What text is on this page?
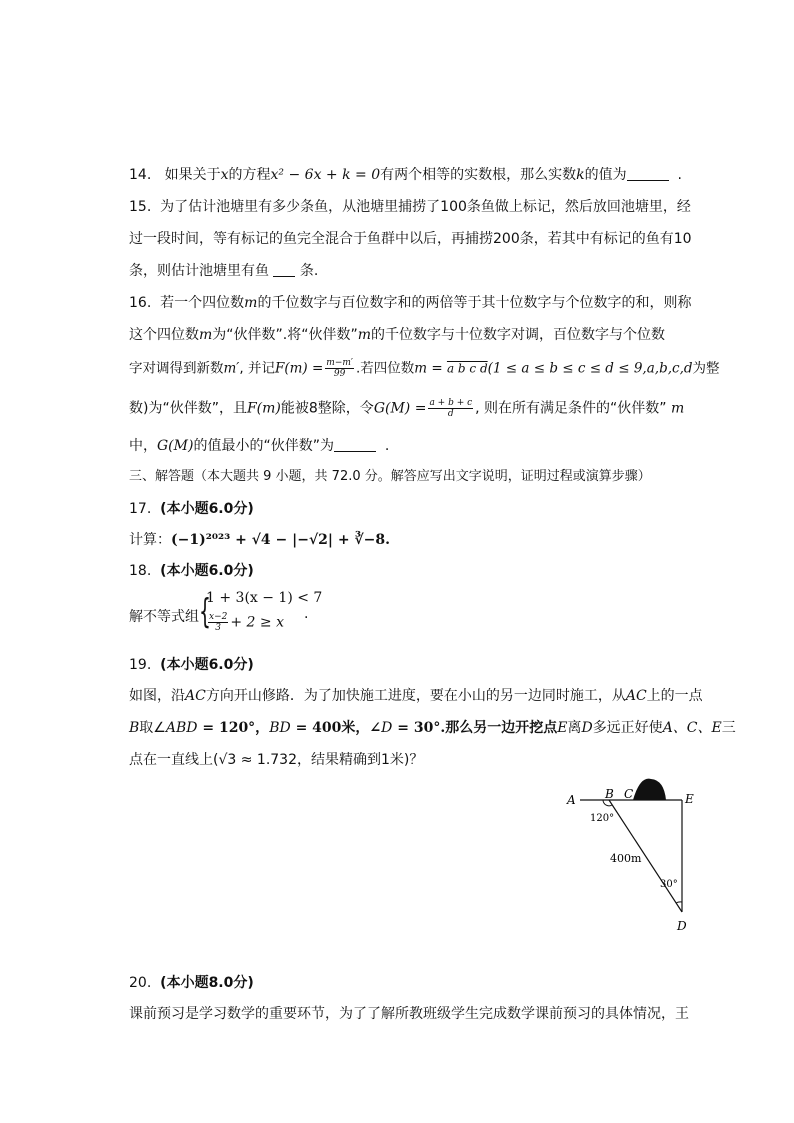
14. 如果关于x的方程x² − 6x + k = 0有两个相等的实数根，那么实数k的值为	.
15. 为了估计池塘里有多少条鱼，从池塘里捕捞了100条鱼做上标记，然后放回池塘里，经
过一段时间，等有标记的鱼完全混合于鱼群中以后，再捕捞200条，若其中有标记的鱼有10
条，则估计池塘里有鱼 条.
16. 若一个四位数m的千位数字与百位数字和的两倍等于其十位数字与个位数字的和，则称
这个四位数m为“伙伴数”.将“伙伴数”m的千位数字与十位数字对调，百位数字与个位数
字对调得到新数m′, 并记$F(m) = \frac{m-m'}{99}$ .若四位数m = a b c d(1 ≤ a ≤ b ≤ c ≤ d ≤ 9,a,b,c,d为整
数)为“伙伴数”，且F(m)能被8整除，令$G(M) = \frac{a + b + c}{d}$ , 则在所有满足条件的“伙伴数” m
中，G(M)的值最小的“伙伴数”为	.
三、解答题（本大题共 9 小题，共 72.0 分。解答应写出文字说明，证明过程或演算步骤）
17. (本小题6.0分)
计算：(−1)²⁰²³ + √4 − |−√2| + ∛−8.
18. (本小题6.0分)
解不等式组 {
1 + 3(x − 1) < 7
$\frac{x-2}{3} + 2 \ge x$
.
19. (本小题6.0分)
如图，沿AC方向开山修路．为了加快施工进度，要在小山的另一边同时施工，从AC上的一点
B取∠ABD = 120°，BD = 400米，∠D = 30°.那么另一边开挖点E离D多远正好使A、C、E三
点在一直线上(√3 ≈ 1.732，结果精确到1米)？
A B C	E
D
120°
400m
30°
20. (本小题8.0分)
课前预习是学习数学的重要环节，为了了解所教班级学生完成数学课前预习的具体情况，王
